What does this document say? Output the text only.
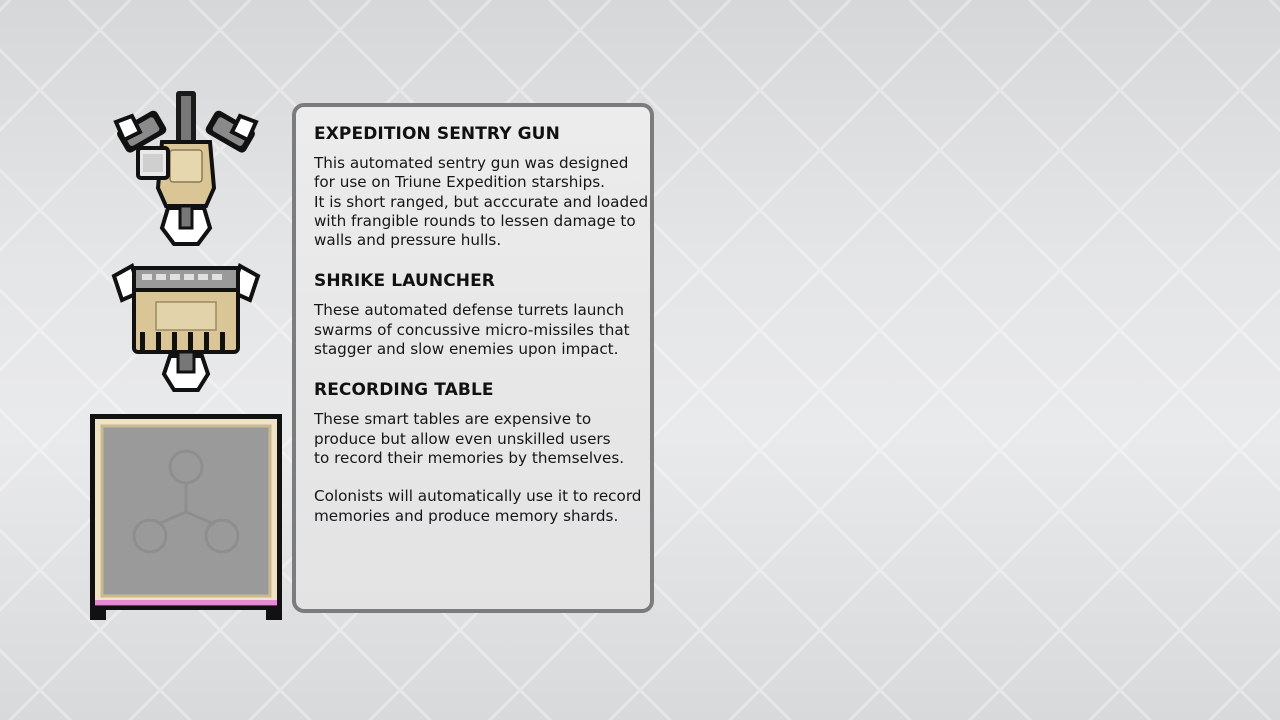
EXPEDITION SENTRY GUN

This automated sentry gun was designed
for use on Triune Expedition starships.
It is short ranged, but acccurate and loaded
with frangible rounds to lessen damage to
walls and pressure hulls.

SHRIKE LAUNCHER

These automated defense turrets launch
swarms of concussive micro-missiles that
stagger and slow enemies upon impact.

RECORDING TABLE

These smart tables are expensive to
produce but allow even unskilled users
to record their memories by themselves.

Colonists will automatically use it to record
memories and produce memory shards.
